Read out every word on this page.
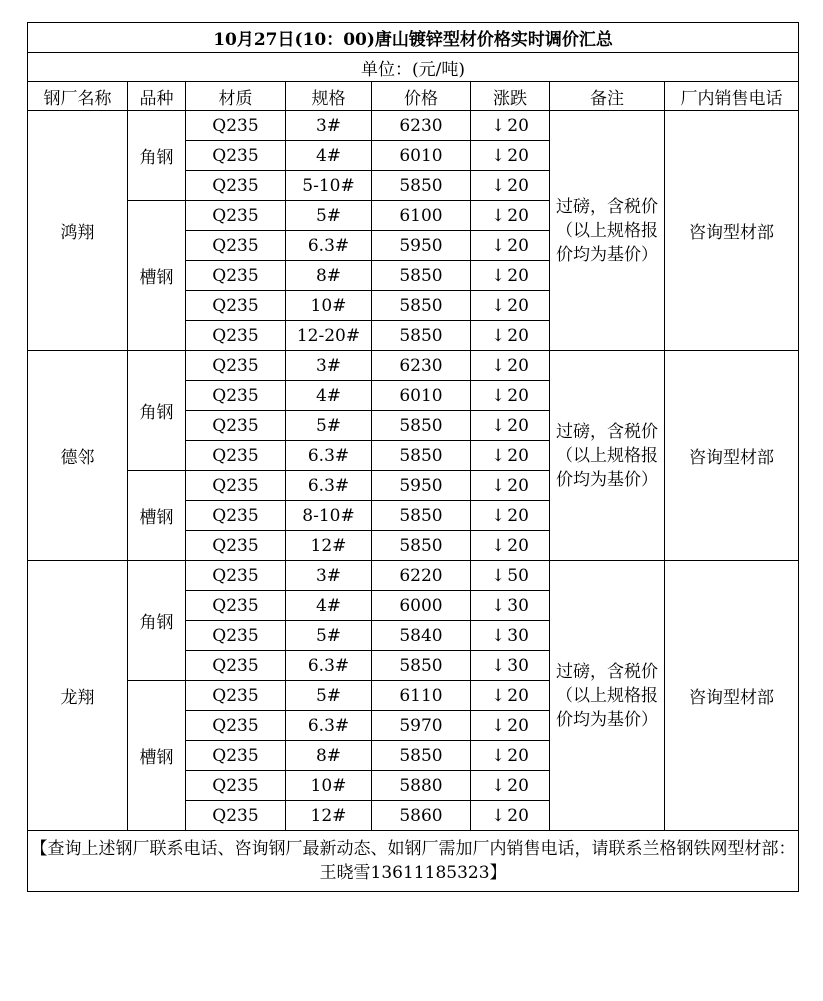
10月27日(10：00)唐山镀锌型材价格实时调价汇总							
单位：(元/吨)							
钢厂名称	品种	材质	规格	价格	涨跌	备注	厂内销售电话
鸿翔	角钢	Q235	3#	6230	↓ 20	过磅，含税价（以上规格报价均为基价）	咨询型材部
		Q235	4#	6010	↓ 20		
		Q235	5-10#	5850	↓ 20		
	槽钢	Q235	5#	6100	↓ 20		
		Q235	6.3#	5950	↓ 20		
		Q235	8#	5850	↓ 20		
		Q235	10#	5850	↓ 20		
		Q235	12-20#	5850	↓ 20		
德邻	角钢	Q235	3#	6230	↓ 20	过磅，含税价（以上规格报价均为基价）	咨询型材部
		Q235	4#	6010	↓ 20		
		Q235	5#	5850	↓ 20		
		Q235	6.3#	5850	↓ 20		
	槽钢	Q235	6.3#	5950	↓ 20		
		Q235	8-10#	5850	↓ 20		
		Q235	12#	5850	↓ 20		
龙翔	角钢	Q235	3#	6220	↓ 50	过磅，含税价（以上规格报价均为基价）	咨询型材部
		Q235	4#	6000	↓ 30		
		Q235	5#	5840	↓ 30		
		Q235	6.3#	5850	↓ 30		
	槽钢	Q235	5#	6110	↓ 20		
		Q235	6.3#	5970	↓ 20		
		Q235	8#	5850	↓ 20		
		Q235	10#	5880	↓ 20		
		Q235	12#	5860	↓ 20		
【查询上述钢厂联系电话、咨询钢厂最新动态、如钢厂需加厂内销售电话，请联系兰格钢铁网型材部：王晓雪13611185323】							
